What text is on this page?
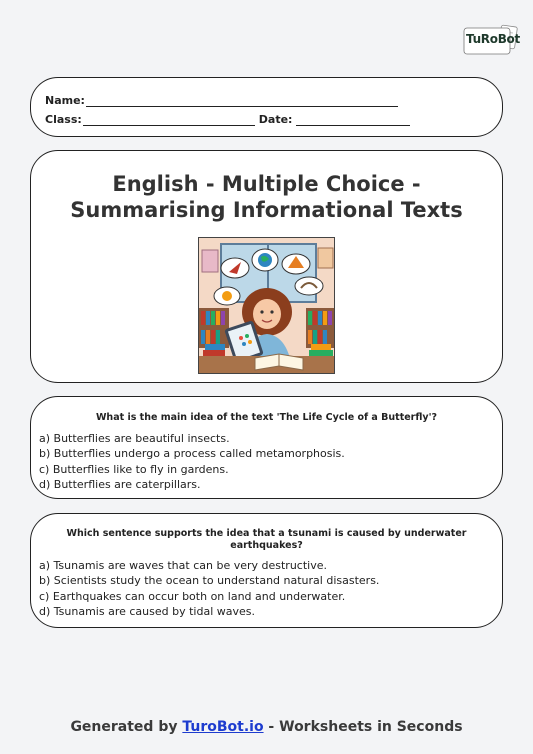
TuRoBot
Name:
Class:	Date:
English - Multiple Choice -
Summarising Informational Texts
What is the main idea of the text 'The Life Cycle of a Butterfly'?
a) Butterflies are beautiful insects.
b) Butterflies undergo a process called metamorphosis.
c) Butterflies like to fly in gardens.
d) Butterflies are caterpillars.
Which sentence supports the idea that a tsunami is caused by underwater earthquakes?
a) Tsunamis are waves that can be very destructive.
b) Scientists study the ocean to understand natural disasters.
c) Earthquakes can occur both on land and underwater.
d) Tsunamis are caused by tidal waves.
Generated by TuroBot.io - Worksheets in Seconds
